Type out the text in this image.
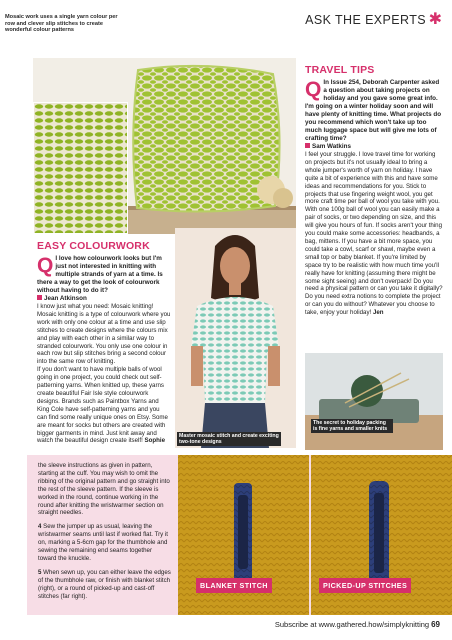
ASK THE EXPERTS ✱
Mosaic work uses a single yarn colour per row and clever slip stitches to create wonderful colour patterns
EASY COLOURWORK
Q I love how colourwork looks but I'm just not interested in knitting with multiple strands of yarn at a time. Is there a way to get the look of colourwork without having to do it?
Jean Atkinson

I know just what you need: Mosaic knitting! Mosaic knitting is a type of colourwork where you work with only one colour at a time and use slip stitches to create designs where the colours mix and play with each other in a similar way to stranded colourwork. You only use one colour in each row but slip stitches bring a second colour into the same row of knitting.

If you don't want to have multiple balls of wool going in one project, you could check out self-patterning yarns. When knitted up, these yarns create beautiful Fair Isle style colourwork designs. Brands such as Paintbox Yarns and King Cole have self-patterning yarns and you can find some really unique ones on Etsy. Some are meant for socks but others are created with bigger garments in mind. Just knit away and watch the beautiful design create itself! Sophie

Master mosaic stitch and create exciting two-tone designs
TRAVEL TIPS
Q In Issue 254, Deborah Carpenter asked a question about taking projects on holiday and you gave some great info. I'm going on a winter holiday soon and will have plenty of knitting time. What projects do you recommend which won't take up too much luggage space but will give me lots of crafting time?
Sam Watkins

I feel your struggle. I love travel time for working on projects but it's not usually ideal to bring a whole jumper's worth of yarn on holiday. I have quite a bit of experience with this and have some ideas and recommendations for you. Stick to projects that use fingering weight wool, you get more craft time per ball of wool you take with you. With one 100g ball of wool you can easily make a pair of socks, or two depending on size, and this will give you hours of fun. If socks aren't your thing you could make some accessories: headbands, a bag, mittens. If you have a bit more space, you could take a cowl, scarf or shawl, maybe even a small top or baby blanket. If you're limited by space try to be realistic with how much time you'll really have for knitting (assuming there might be some sight seeing) and don't overpack! Do you need a physical pattern or can you take it digitally? Do you need extra notions to complete the project or can you do without? Whatever you choose to take, enjoy your holiday! Jen

The secret to holiday packing is fine yarns and smaller knits

the sleeve instructions as given in pattern, starting at the cuff. You may wish to omit the ribbing of the original pattern and go straight into the rest of the sleeve pattern. If the sleeve is worked in the round, continue working in the round after knitting the wristwarmer section on straight needles.

4 Sew the jumper up as usual, leaving the wristwarmer seams until last if worked flat. Try it on, marking a 5-6cm gap for the thumbhole and sewing the remaining end seams together toward the knuckle.

5 When sewn up, you can either leave the edges of the thumbhole raw, or finish with blanket stitch (right), or a round of picked-up and cast-off stitches (far right).

BLANKET STITCH	PICKED-UP STITCHES
Subscribe at www.gathered.how/simplyknitting 69
